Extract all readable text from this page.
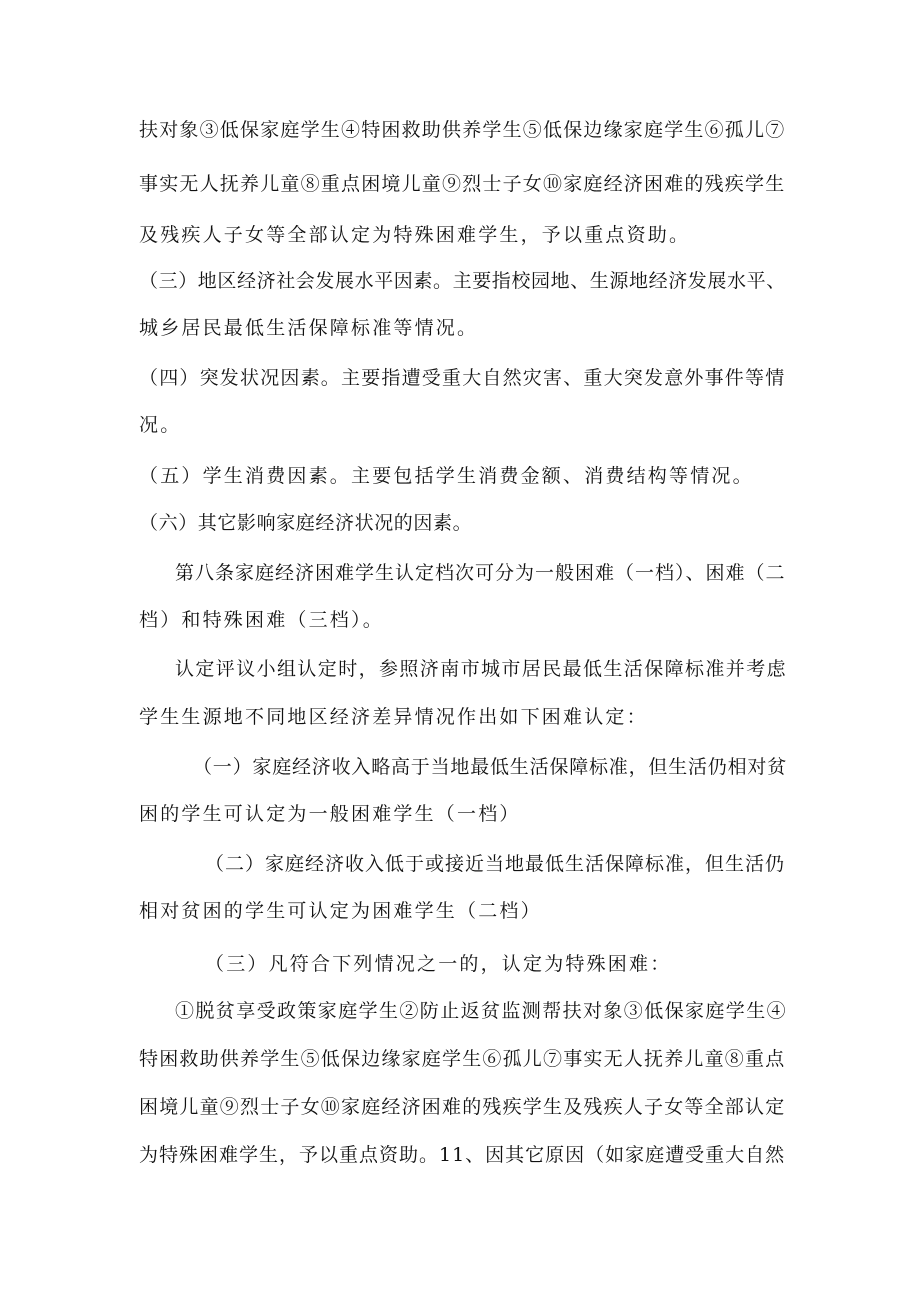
扶对象③低保家庭学生④特困救助供养学生⑤低保边缘家庭学生⑥孤儿⑦
事实无人抚养儿童⑧重点困境儿童⑨烈士子女⑩家庭经济困难的残疾学生
及残疾人子女等全部认定为特殊困难学生，予以重点资助。
（三）地区经济社会发展水平因素。主要指校园地、生源地经济发展水平、
城乡居民最低生活保障标准等情况。
（四）突发状况因素。主要指遭受重大自然灾害、重大突发意外事件等情
况。
（五）学生消费因素。主要包括学生消费金额、消费结构等情况。
（六）其它影响家庭经济状况的因素。
第八条家庭经济困难学生认定档次可分为一般困难（一档）、困难（二
档）和特殊困难（三档）。
认定评议小组认定时，参照济南市城市居民最低生活保障标准并考虑
学生生源地不同地区经济差异情况作出如下困难认定：
（一）家庭经济收入略高于当地最低生活保障标准，但生活仍相对贫
困的学生可认定为一般困难学生（一档）
（二）家庭经济收入低于或接近当地最低生活保障标准，但生活仍
相对贫困的学生可认定为困难学生（二档）
（三）凡符合下列情况之一的，认定为特殊困难：
①脱贫享受政策家庭学生②防止返贫监测帮扶对象③低保家庭学生④
特困救助供养学生⑤低保边缘家庭学生⑥孤儿⑦事实无人抚养儿童⑧重点
困境儿童⑨烈士子女⑩家庭经济困难的残疾学生及残疾人子女等全部认定
为特殊困难学生，予以重点资助。11、因其它原因（如家庭遭受重大自然
